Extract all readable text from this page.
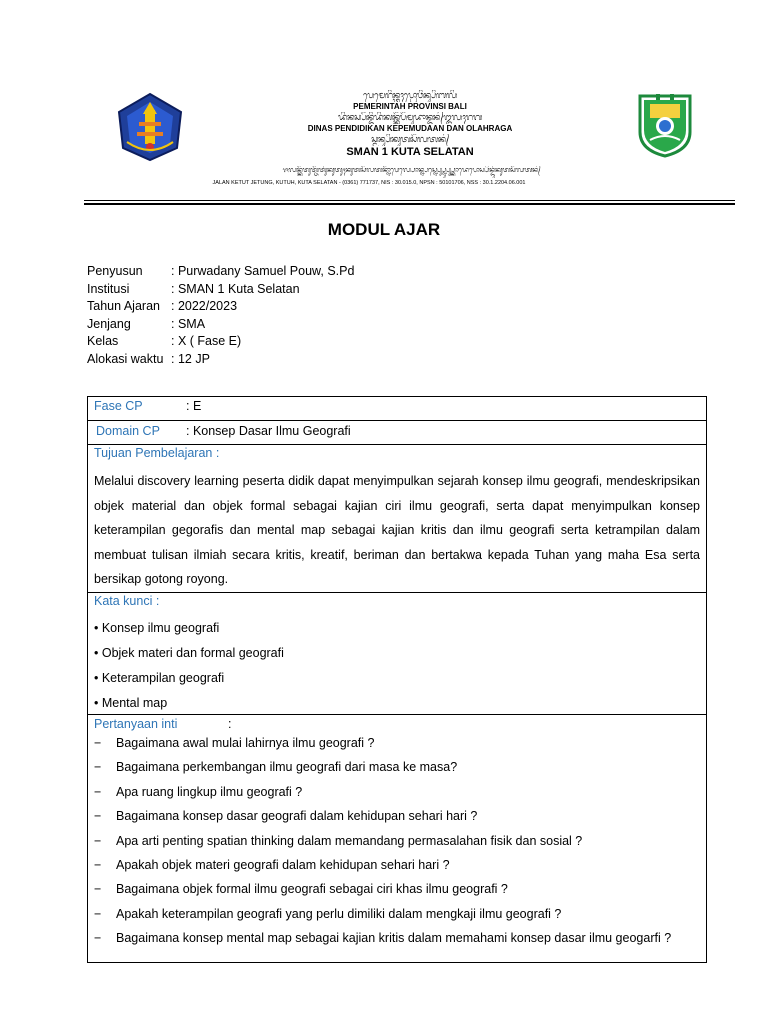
ᬧᬾᬫᬾᬭᬶᬦ᭄ᬢᬄᬧ᭄ᬭᭀᬯᬶᬦ᭄ᬲᬶᬩᬮᬶ
PEMERINTAH PROVINSI BALI
ᬤᬶᬦᬲ᭄ᬧᭂᬦ᭄ᬤᬶᬤᬶᬓᬦ᭄ᬓᭂᬧᭂᬫᬸᬤᬵᬦ᭄ᬤᬦ᭄ᬑᬮᬄᬭᬕ
DINAS PENDIDIKAN KEPEMUDAAN DAN OLAHRAGA
ᬲ᭄ᬫᬦ᭄ᬲᬶᬓᬸᬢᬲᭂᬮᬢᬦ᭄
SMAN 1 KUTA SELATAN
ᬚᬮᬦ᭄ᬓᭂᬢᬸᬢ᭄ᬚᭂᬢᬸᬂᬓᬸᬢᬸᬄᬓᬸᬢᬲᭂᬮᬢᬦ᭄ᬦᭃᬧᬾᬮ᭄ᬧᭀᬦ᭄ᬦ᭄ᬧᬲ᭄ᬦ᭄ᬧ᭄ᬲ᭄ᬦ᭄ᬲ᭄ᬲ᭄ᬓᭀᬤᬾᬧᭀᬲ᭄ᬧᬶᬦ᭄ᬤᬸᬂᬓᬸᬢᬲᭂᬮᬢᬦ᭄
JALAN KETUT JETUNG, KUTUH, KUTA SELATAN - (0361) 771737, NIS : 30.015.0, NPSN : 50101706, NSS : 30.1.2204.06.001
MODUL AJAR
Penyusun	: Purwadany Samuel Pouw, S.Pd
Institusi	: SMAN 1 Kuta Selatan
Tahun Ajaran : 2022/2023
Jenjang	: SMA
Kelas	: X ( Fase E)
Alokasi waktu : 12 JP
Fase CP	: E
Domain CP : Konsep Dasar Ilmu Geografi
Tujuan Pembelajaran :
Melalui discovery learning peserta didik dapat menyimpulkan sejarah konsep ilmu geografi, mendeskripsikan objek material dan objek formal sebagai kajian ciri ilmu geografi, serta dapat menyimpulkan konsep keterampilan gegorafis dan mental map sebagai kajian kritis dan ilmu geografi serta ketrampilan dalam membuat tulisan ilmiah secara kritis, kreatif, beriman dan bertakwa kepada Tuhan yang maha Esa serta bersikap gotong royong.
Kata kunci :
• Konsep ilmu geografi
• Objek materi dan formal geografi
• Keterampilan geografi
• Mental map
Pertanyaan inti	:
−	Bagaimana awal mulai lahirnya ilmu geografi ?
−	Bagaimana perkembangan ilmu geografi dari masa ke masa?
−	Apa ruang lingkup ilmu geografi ?
−	Bagaimana konsep dasar geografi dalam kehidupan sehari hari ?
−	Apa arti penting spatian thinking dalam memandang permasalahan fisik dan sosial ?
−	Apakah objek materi geografi dalam kehidupan sehari hari ?
−	Bagaimana objek formal ilmu geografi sebagai ciri khas ilmu geografi ?
−	Apakah keterampilan geografi yang perlu dimiliki dalam mengkaji ilmu geografi ?
−	Bagaimana konsep mental map sebagai kajian kritis dalam memahami konsep dasar ilmu geogarfi ?
